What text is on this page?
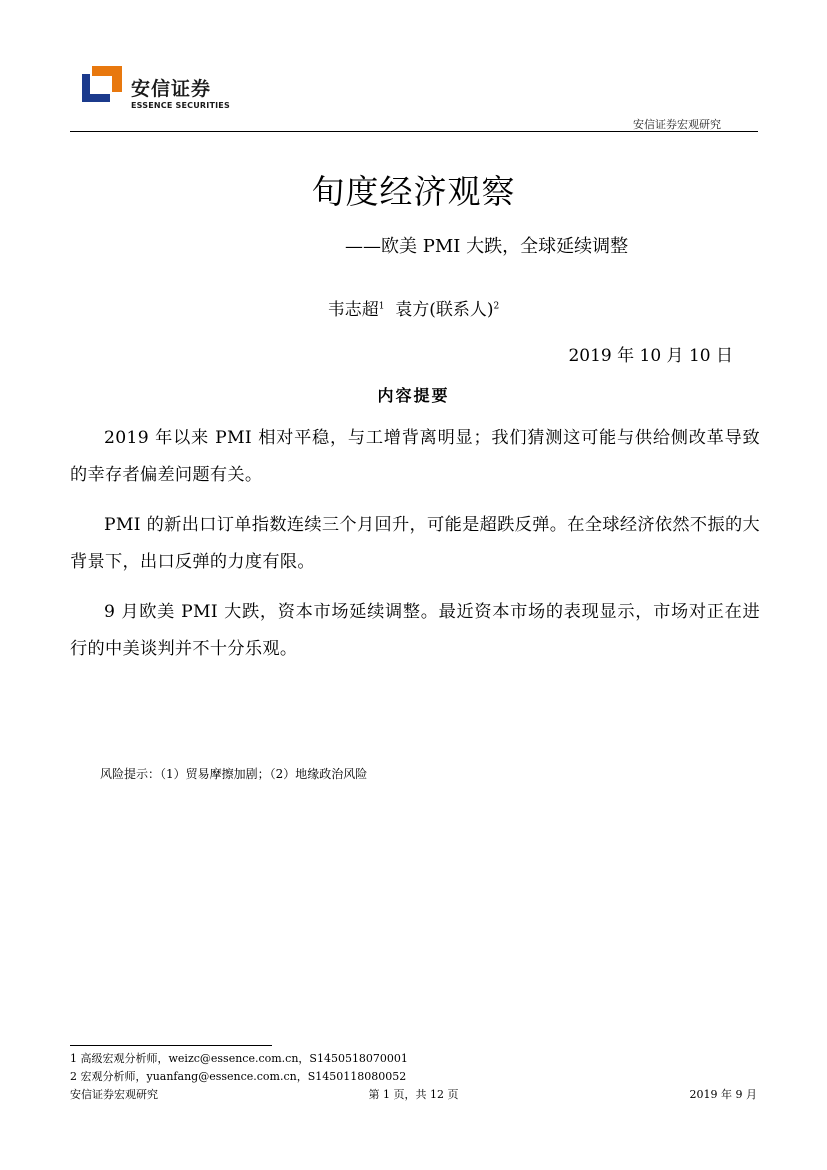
安信证券
ESSENCE SECURITIES
安信证券宏观研究
旬度经济观察
——欧美 PMI 大跌，全球延续调整
韦志超$^1$ 袁方(联系人)$^2$
2019 年 10 月 10 日
内容提要
2019 年以来 PMI 相对平稳，与工增背离明显；我们猜测这可能与供给侧改革导致的幸存者偏差问题有关。
PMI 的新出口订单指数连续三个月回升，可能是超跌反弹。在全球经济依然不振的大背景下，出口反弹的力度有限。
9 月欧美 PMI 大跌，资本市场延续调整。最近资本市场的表现显示，市场对正在进行的中美谈判并不十分乐观。
风险提示：（1）贸易摩擦加剧；（2）地缘政治风险
1 高级宏观分析师，weizc@essence.com.cn，S1450518070001
2 宏观分析师，yuanfang@essence.com.cn，S1450118080052
安信证券宏观研究	第 1 页，共 12 页	2019 年 9 月
